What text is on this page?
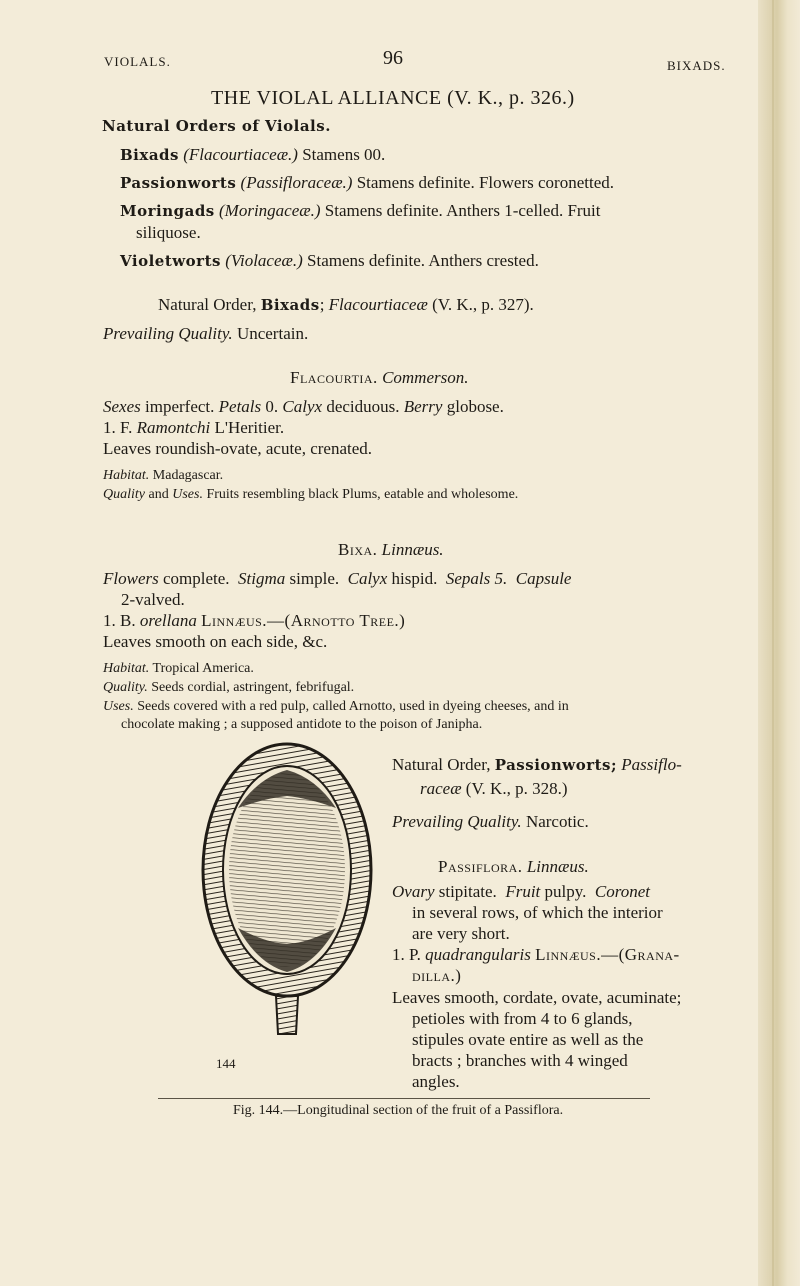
VIOLALS.	96	BIXADS.
THE VIOLAL ALLIANCE (V. K., p. 326.)
Natural Orders of Violals.
Bixads (Flacourtiaceæ.) Stamens 00.
Passionworts (Passifloraceæ.) Stamens definite. Flowers coronetted.
Moringads (Moringaceæ.) Stamens definite. Anthers 1-celled. Fruit
siliquose.
Violetworts (Violaceæ.) Stamens definite. Anthers crested.
Natural Order, Bixads; Flacourtiaceæ (V. K., p. 327).
Prevailing Quality. Uncertain.
Flacourtia. Commerson.
Sexes imperfect. Petals 0. Calyx deciduous. Berry globose.
1. F. Ramontchi L'Heritier.
Leaves roundish-ovate, acute, crenated.
Habitat. Madagascar.
Quality and Uses. Fruits resembling black Plums, eatable and wholesome.
Bixa. Linnæus.
Flowers complete. Stigma simple. Calyx hispid. Sepals 5. Capsule
2-valved.
1. B. orellana Linnæus.—(Arnotto Tree.)
Leaves smooth on each side, &c.
Habitat. Tropical America.
Quality. Seeds cordial, astringent, febrifugal.
Uses. Seeds covered with a red pulp, called Arnotto, used in dyeing cheeses, and in
chocolate making ; a supposed antidote to the poison of Janipha.
Natural Order, Passionworts; Passiflo-
raceæ (V. K., p. 328.)
Prevailing Quality. Narcotic.
Passiflora. Linnæus.
Ovary stipitate. Fruit pulpy. Coronet
in several rows, of which the interior
are very short.
1. P. quadrangularis Linnæus.—(Grana-
dilla.)
Leaves smooth, cordate, ovate, acuminate;
petioles with from 4 to 6 glands,
stipules ovate entire as well as the
bracts ; branches with 4 winged
angles.
144
Fig. 144.—Longitudinal section of the fruit of a Passiflora.
